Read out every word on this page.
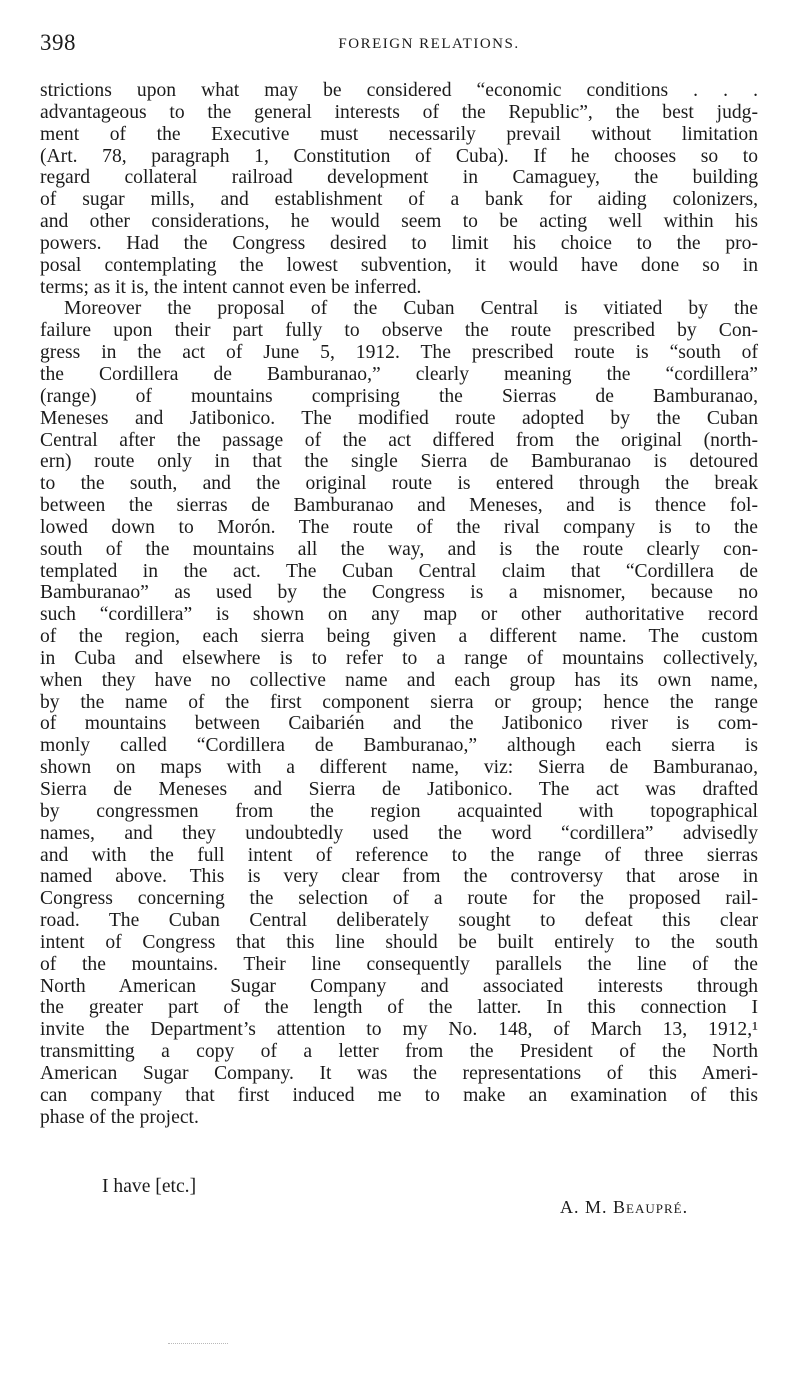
398	FOREIGN RELATIONS.
strictions upon what may be considered “economic conditions . . .
advantageous to the general interests of the Republic”, the best judg-
ment of the Executive must necessarily prevail without limitation
(Art. 78, paragraph 1, Constitution of Cuba). If he chooses so to
regard collateral railroad development in Camaguey, the building
of sugar mills, and establishment of a bank for aiding colonizers,
and other considerations, he would seem to be acting well within his
powers. Had the Congress desired to limit his choice to the pro-
posal contemplating the lowest subvention, it would have done so in
terms; as it is, the intent cannot even be inferred.
Moreover the proposal of the Cuban Central is vitiated by the
failure upon their part fully to observe the route prescribed by Con-
gress in the act of June 5, 1912. The prescribed route is “south of
the Cordillera de Bamburanao,” clearly meaning the “cordillera”
(range) of mountains comprising the Sierras de Bamburanao,
Meneses and Jatibonico. The modified route adopted by the Cuban
Central after the passage of the act differed from the original (north-
ern) route only in that the single Sierra de Bamburanao is detoured
to the south, and the original route is entered through the break
between the sierras de Bamburanao and Meneses, and is thence fol-
lowed down to Morón. The route of the rival company is to the
south of the mountains all the way, and is the route clearly con-
templated in the act. The Cuban Central claim that “Cordillera de
Bamburanao” as used by the Congress is a misnomer, because no
such “cordillera” is shown on any map or other authoritative record
of the region, each sierra being given a different name. The custom
in Cuba and elsewhere is to refer to a range of mountains collectively,
when they have no collective name and each group has its own name,
by the name of the first component sierra or group; hence the range
of mountains between Caibarién and the Jatibonico river is com-
monly called “Cordillera de Bamburanao,” although each sierra is
shown on maps with a different name, viz: Sierra de Bamburanao,
Sierra de Meneses and Sierra de Jatibonico. The act was drafted
by congressmen from the region acquainted with topographical
names, and they undoubtedly used the word “cordillera” advisedly
and with the full intent of reference to the range of three sierras
named above. This is very clear from the controversy that arose in
Congress concerning the selection of a route for the proposed rail-
road. The Cuban Central deliberately sought to defeat this clear
intent of Congress that this line should be built entirely to the south
of the mountains. Their line consequently parallels the line of the
North American Sugar Company and associated interests through
the greater part of the length of the latter. In this connection I
invite the Department’s attention to my No. 148, of March 13, 1912,¹
transmitting a copy of a letter from the President of the North
American Sugar Company. It was the representations of this Ameri-
can company that first induced me to make an examination of this
phase of the project.
I have [etc.]
A. M. Beaupré.
